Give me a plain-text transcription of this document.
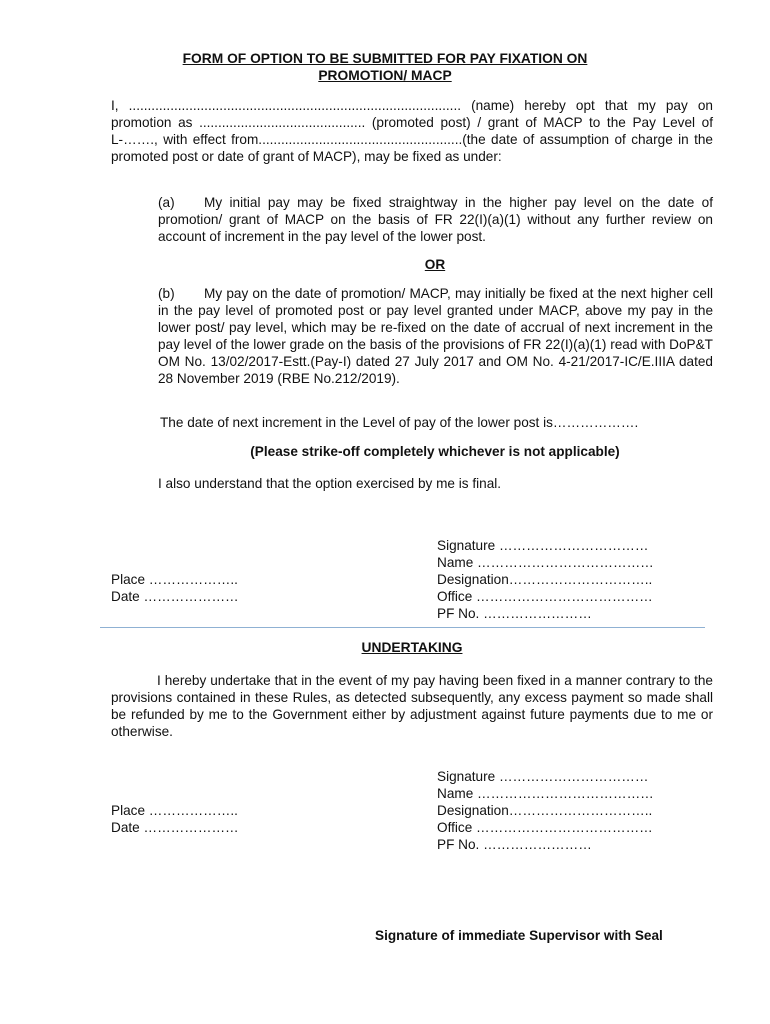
FORM OF OPTION TO BE SUBMITTED FOR PAY FIXATION ON
PROMOTION/ MACP
I, ........................................................................................ (name) hereby opt that my pay on promotion as ............................................ (promoted post) / grant of MACP to the Pay Level of L-……., with effect from......................................................(the date of assumption of charge in the promoted post or date of grant of MACP), may be fixed as under:
(a) My initial pay may be fixed straightway in the higher pay level on the date of promotion/ grant of MACP on the basis of FR 22(I)(a)(1) without any further review on account of increment in the pay level of the lower post.
OR
(b) My pay on the date of promotion/ MACP, may initially be fixed at the next higher cell in the pay level of promoted post or pay level granted under MACP, above my pay in the lower post/ pay level, which may be re-fixed on the date of accrual of next increment in the pay level of the lower grade on the basis of the provisions of FR 22(I)(a)(1) read with DoP&T OM No. 13/02/2017-Estt.(Pay-I) dated 27 July 2017 and OM No. 4-21/2017-IC/E.IIIA dated 28 November 2019 (RBE No.212/2019).
The date of next increment in the Level of pay of the lower post is……………….
(Please strike-off completely whichever is not applicable)
I also understand that the option exercised by me is final.
Signature ……………………………
Name …………………………………
Designation…………………………..
Office …………………………………
PF No. ……………………
Place ………………..
Date …………………
UNDERTAKING
I hereby undertake that in the event of my pay having been fixed in a manner contrary to the provisions contained in these Rules, as detected subsequently, any excess payment so made shall be refunded by me to the Government either by adjustment against future payments due to me or otherwise.
Signature ……………………………
Name …………………………………
Designation…………………………..
Office …………………………………
PF No. ……………………
Place ………………..
Date …………………
Signature of immediate Supervisor with Seal
